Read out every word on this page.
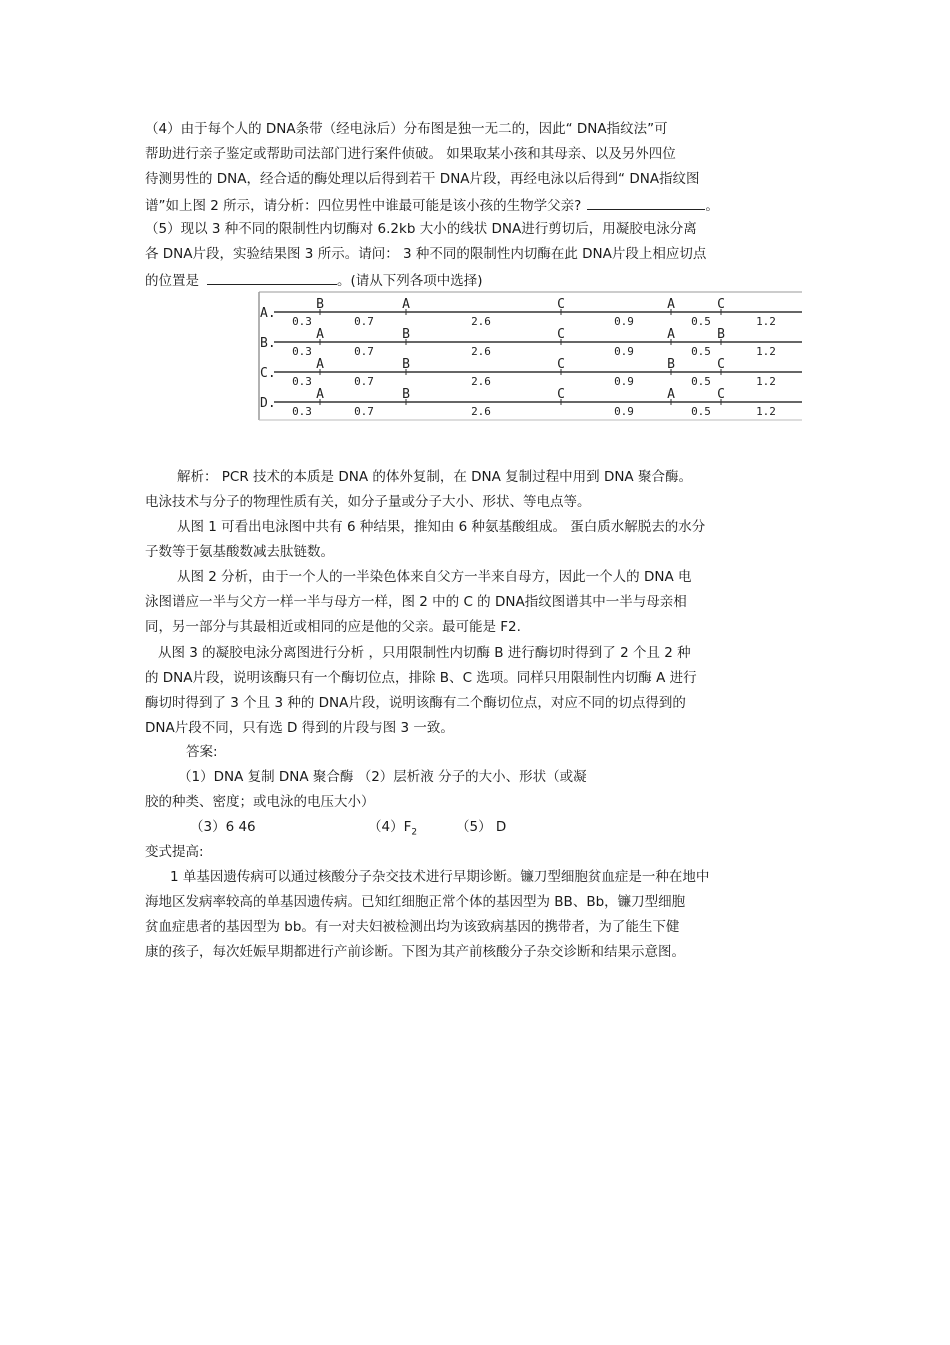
（4）由于每个人的 DNA条带（经电泳后）分布图是独一无二的，因此“ DNA指纹法”可
帮助进行亲子鉴定或帮助司法部门进行案件侦破。 如果取某小孩和其母亲、以及另外四位
待测男性的 DNA，经合适的酶处理以后得到若干 DNA片段，再经电泳以后得到“ DNA指纹图
谱”如上图 2 所示，请分析：四位男性中谁最可能是该小孩的生物学父亲?	。
（5）现以 3 种不同的限制性内切酶对 6.2kb 大小的线状 DNA进行剪切后，用凝胶电泳分离
各 DNA片段，实验结果图 3 所示。请问： 3 种不同的限制性内切酶在此 DNA片段上相应切点
的位置是	。(请从下列各项中选择)
A.
B	A	C	A	C
0.3	0.7	2.6	0.9	0.5	1.2
B.
A	B	C	A	B
0.3	0.7	2.6	0.9	0.5	1.2
C.
A	B	C	B	C
0.3	0.7	2.6	0.9	0.5	1.2
D.
A	B	C	A	C
0.3	0.7	2.6	0.9	0.5	1.2
解析： PCR 技术的本质是 DNA 的体外复制，在 DNA 复制过程中用到 DNA 聚合酶。
电泳技术与分子的物理性质有关，如分子量或分子大小、形状、等电点等。
从图 1 可看出电泳图中共有 6 种结果，推知由 6 种氨基酸组成。 蛋白质水解脱去的水分
子数等于氨基酸数减去肽链数。
从图 2 分析，由于一个人的一半染色体来自父方一半来自母方，因此一个人的 DNA 电
泳图谱应一半与父方一样一半与母方一样，图 2 中的 C 的 DNA指纹图谱其中一半与母亲相
同，另一部分与其最相近或相同的应是他的父亲。最可能是 F2.
从图 3 的凝胶电泳分离图进行分析 ，只用限制性内切酶 B 进行酶切时得到了 2 个且 2 种
的 DNA片段，说明该酶只有一个酶切位点，排除 B、C 选项。同样只用限制性内切酶 A 进行
酶切时得到了 3 个且 3 种的 DNA片段，说明该酶有二个酶切位点，对应不同的切点得到的
DNA片段不同，只有选 D 得到的片段与图 3 一致。
答案:
（1）DNA 复制 DNA 聚合酶 （2）层析液 分子的大小、形状（或凝
胶的种类、密度；或电泳的电压大小）
（3）6 46	$(4)F_2$	（5） D
变式提高:
1 单基因遗传病可以通过核酸分子杂交技术进行早期诊断。镰刀型细胞贫血症是一种在地中
海地区发病率较高的单基因遗传病。已知红细胞正常个体的基因型为 BB、Bb，镰刀型细胞
贫血症患者的基因型为 bb。有一对夫妇被检测出均为该致病基因的携带者，为了能生下健
康的孩子，每次妊娠早期都进行产前诊断。下图为其产前核酸分子杂交诊断和结果示意图。
